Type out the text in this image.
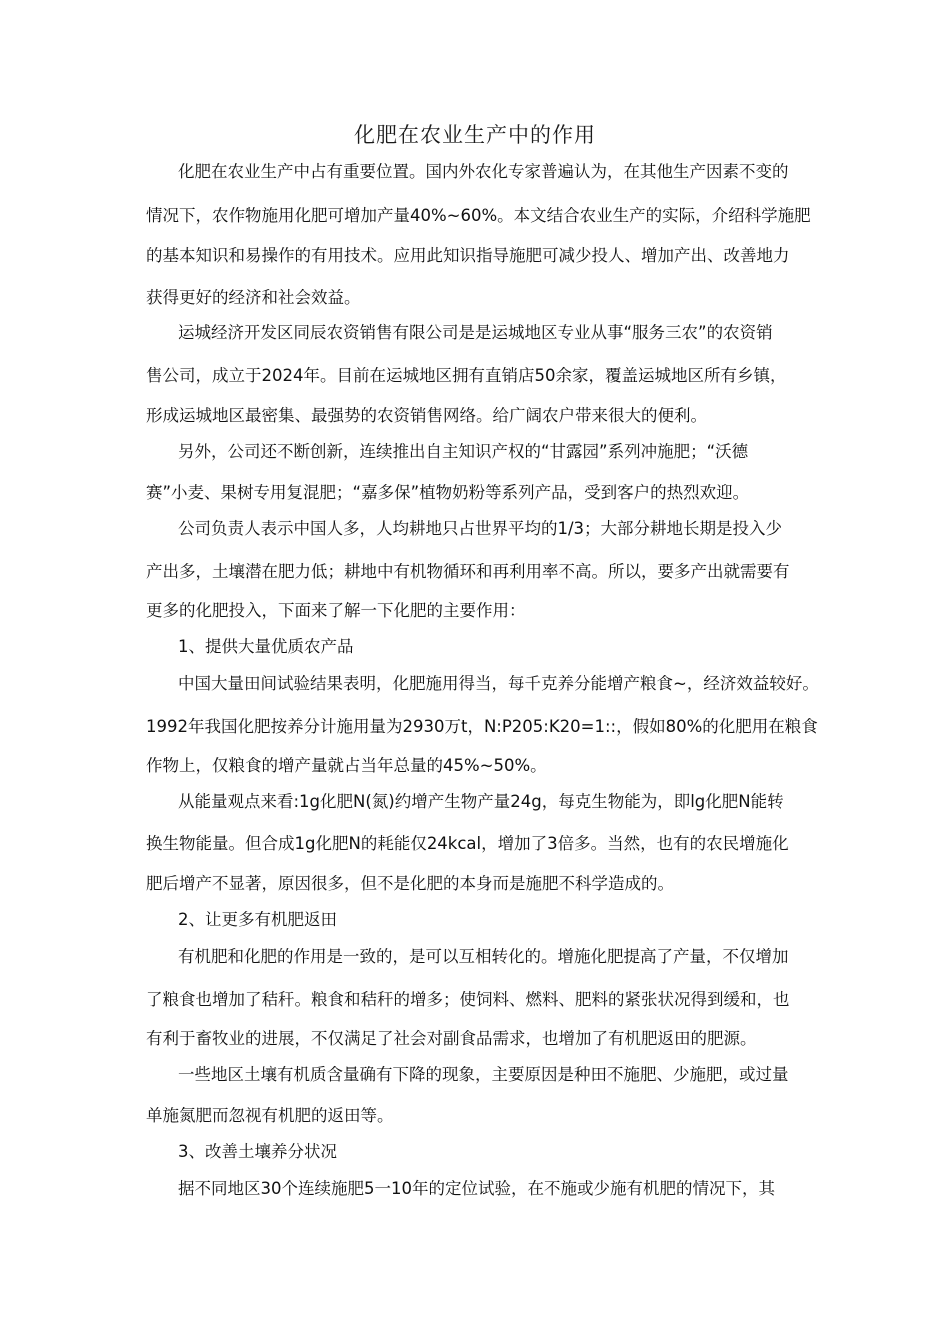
化肥在农业生产中的作用
化肥在农业生产中占有重要位置。国内外农化专家普遍认为，在其他生产因素不变的
情况下，农作物施用化肥可增加产量40%~60%。本文结合农业生产的实际，介绍科学施肥
的基本知识和易操作的有用技术。应用此知识指导施肥可减少投人、增加产出、改善地力
获得更好的经济和社会效益。
运城经济开发区同辰农资销售有限公司是是运城地区专业从事“服务三农”的农资销
售公司，成立于2024年。目前在运城地区拥有直销店50余家，覆盖运城地区所有乡镇，
形成运城地区最密集、最强势的农资销售网络。给广阔农户带来很大的便利。
另外，公司还不断创新，连续推出自主知识产权的“甘露园”系列冲施肥；“沃德
赛”小麦、果树专用复混肥；“嘉多保”植物奶粉等系列产品，受到客户的热烈欢迎。
公司负责人表示中国人多，人均耕地只占世界平均的1/3；大部分耕地长期是投入少
产出多，土壤潜在肥力低；耕地中有机物循环和再利用率不高。所以，要多产出就需要有
更多的化肥投入，下面来了解一下化肥的主要作用：
1、提供大量优质农产品
中国大量田间试验结果表明，化肥施用得当，每千克养分能增产粮食~，经济效益较好。
1992年我国化肥按养分计施用量为2930万t，N:P205:K20=1::，假如80%的化肥用在粮食
作物上，仅粮食的增产量就占当年总量的45%~50%。
从能量观点来看:1g化肥N(氮)约增产生物产量24g，每克生物能为，即lg化肥N能转
换生物能量。但合成1g化肥N的耗能仅24kcal，增加了3倍多。当然，也有的农民增施化
肥后增产不显著，原因很多，但不是化肥的本身而是施肥不科学造成的。
2、让更多有机肥返田
有机肥和化肥的作用是一致的，是可以互相转化的。增施化肥提高了产量，不仅增加
了粮食也增加了秸秆。粮食和秸秆的增多；使饲料、燃料、肥料的紧张状况得到缓和，也
有利于畜牧业的进展，不仅满足了社会对副食品需求，也增加了有机肥返田的肥源。
一些地区土壤有机质含量确有下降的现象，主要原因是种田不施肥、少施肥，或过量
单施氮肥而忽视有机肥的返田等。
3、改善土壤养分状况
据不同地区30个连续施肥5一10年的定位试验，在不施或少施有机肥的情况下，其
